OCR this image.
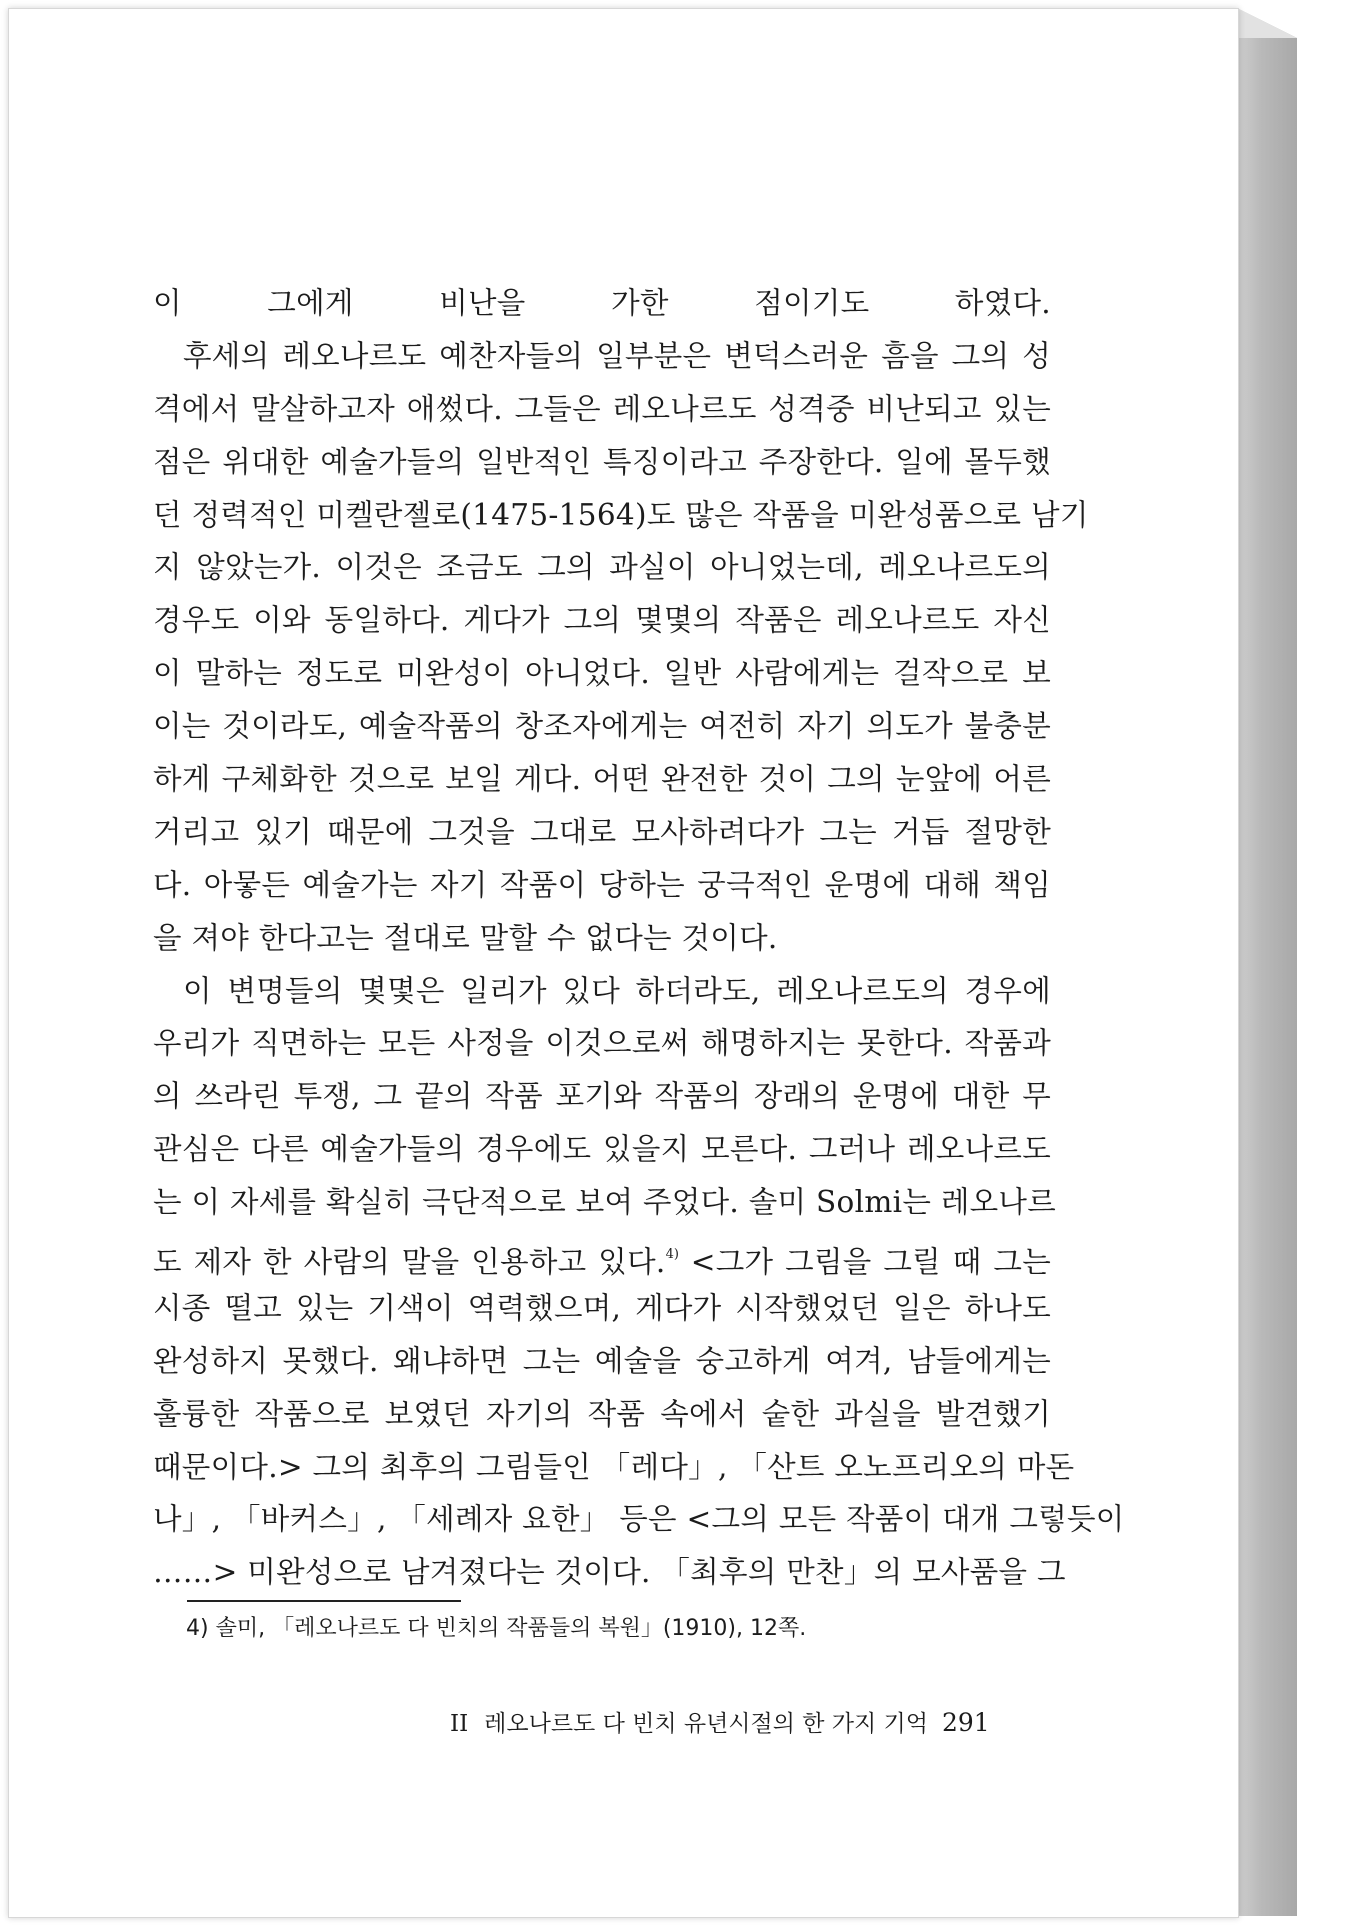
이 그에게 비난을 가한 점이기도 하였다.
후세의 레오나르도 예찬자들의 일부분은 변덕스러운 흠을 그의 성
격에서 말살하고자 애썼다. 그들은 레오나르도 성격중 비난되고 있는
점은 위대한 예술가들의 일반적인 특징이라고 주장한다. 일에 몰두했
던 정력적인 미켈란젤로(1475-1564)도 많은 작품을 미완성품으로 남기
지 않았는가. 이것은 조금도 그의 과실이 아니었는데, 레오나르도의
경우도 이와 동일하다. 게다가 그의 몇몇의 작품은 레오나르도 자신
이 말하는 정도로 미완성이 아니었다. 일반 사람에게는 걸작으로 보
이는 것이라도, 예술작품의 창조자에게는 여전히 자기 의도가 불충분
하게 구체화한 것으로 보일 게다. 어떤 완전한 것이 그의 눈앞에 어른
거리고 있기 때문에 그것을 그대로 모사하려다가 그는 거듭 절망한
다. 아뭏든 예술가는 자기 작품이 당하는 궁극적인 운명에 대해 책임
을 져야 한다고는 절대로 말할 수 없다는 것이다.
이 변명들의 몇몇은 일리가 있다 하더라도, 레오나르도의 경우에
우리가 직면하는 모든 사정을 이것으로써 해명하지는 못한다. 작품과
의 쓰라린 투쟁, 그 끝의 작품 포기와 작품의 장래의 운명에 대한 무
관심은 다른 예술가들의 경우에도 있을지 모른다. 그러나 레오나르도
는 이 자세를 확실히 극단적으로 보여 주었다. 솔미 Solmi는 레오나르
도 제자 한 사람의 말을 인용하고 있다.$^{4)}$ <그가 그림을 그릴 때 그는
시종 떨고 있는 기색이 역력했으며, 게다가 시작했었던 일은 하나도
완성하지 못했다. 왜냐하면 그는 예술을 숭고하게 여겨, 남들에게는
훌륭한 작품으로 보였던 자기의 작품 속에서 숱한 과실을 발견했기
때문이다.> 그의 최후의 그림들인 「레다」, 「산트 오노프리오의 마돈
나」, 「바커스」, 「세례자 요한」 등은 <그의 모든 작품이 대개 그렇듯이
……> 미완성으로 남겨졌다는 것이다. 「최후의 만찬」의 모사품을 그
4) 솔미, 「레오나르도 다 빈치의 작품들의 복원」(1910), 12쪽.
II 레오나르도 다 빈치 유년시절의 한 가지 기억 291
